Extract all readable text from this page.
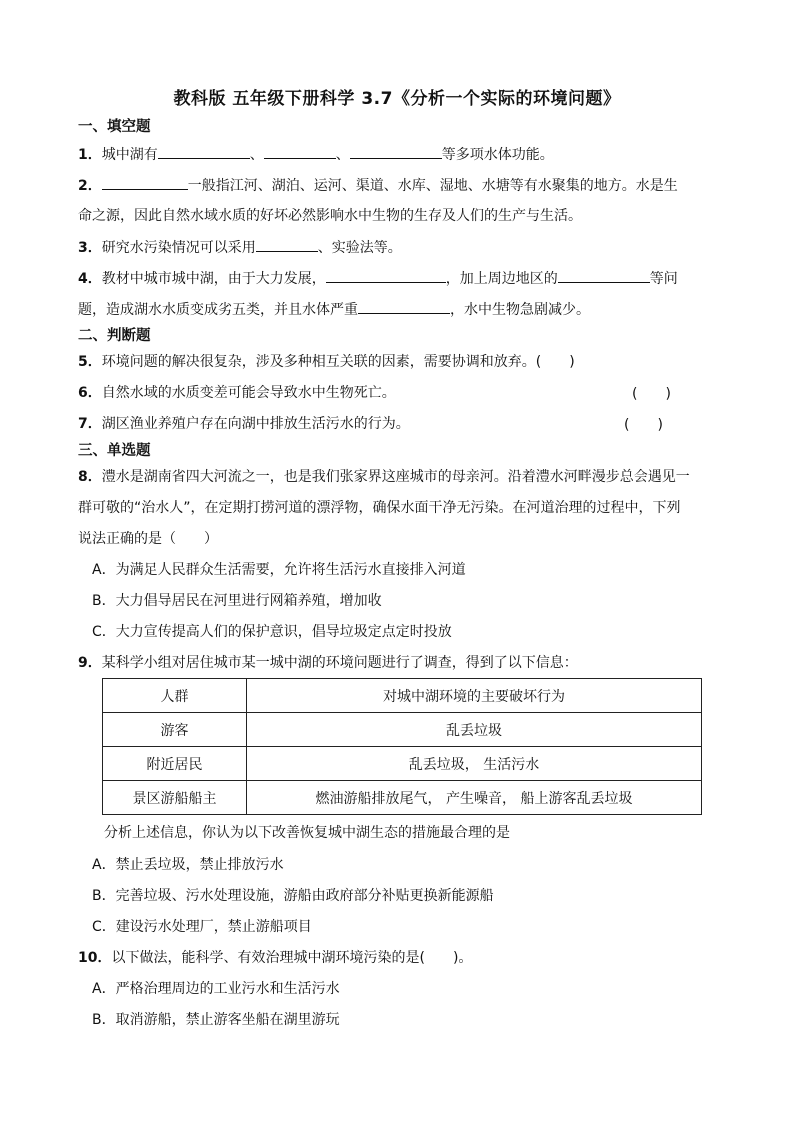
教科版 五年级下册科学 3.7《分析一个实际的环境问题》
一、填空题
1．城中湖有	、	、	等多项水体功能。
2．	一般指江河、湖泊、运河、渠道、水库、湿地、水塘等有水聚集的地方。水是生
命之源，因此自然水域水质的好坏必然影响水中生物的生存及人们的生产与生活。
3．研究水污染情况可以采用	、实验法等。
4．教材中城市城中湖，由于大力发展，	，加上周边地区的	等问
题，造成湖水水质变成劣五类，并且水体严重	，水中生物急剧减少。
二、判断题
5．环境问题的解决很复杂，涉及多种相互关联的因素，需要协调和放弃。(　　)
6．自然水域的水质变差可能会导致水中生物死亡。	(　　)
7．湖区渔业养殖户存在向湖中排放生活污水的行为。	(　　)
三、单选题
8．澧水是湖南省四大河流之一，也是我们张家界这座城市的母亲河。沿着澧水河畔漫步总会遇见一
群可敬的“治水人”，在定期打捞河道的漂浮物，确保水面干净无污染。在河道治理的过程中，下列
说法正确的是（　　）
A．为满足人民群众生活需要，允许将生活污水直接排入河道
B．大力倡导居民在河里进行网箱养殖，增加收
C．大力宣传提高人们的保护意识，倡导垃圾定点定时投放
9．某科学小组对居住城市某一城中湖的环境问题进行了调查，得到了以下信息：
人群	对城中湖环境的主要破坏行为
游客	乱丢垃圾
附近居民	乱丢垃圾， 生活污水
景区游船船主	燃油游船排放尾气， 产生噪音， 船上游客乱丢垃圾
分析上述信息，你认为以下改善恢复城中湖生态的措施最合理的是
A．禁止丢垃圾，禁止排放污水
B．完善垃圾、污水处理设施，游船由政府部分补贴更换新能源船
C．建设污水处理厂，禁止游船项目
10．以下做法，能科学、有效治理城中湖环境污染的是(　　)。
A．严格治理周边的工业污水和生活污水
B．取消游船，禁止游客坐船在湖里游玩
